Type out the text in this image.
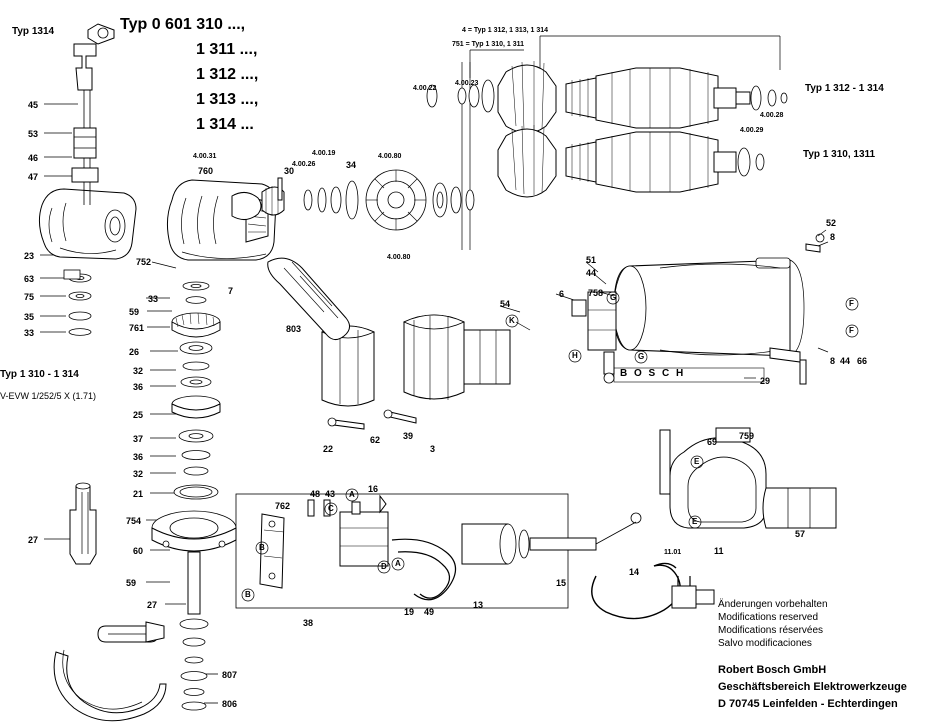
Typ 0 601 310 ...,
1 311 ...,
1 312 ...,
1 313 ...,
1 314 ...
Typ 1314
Typ 1 312 - 1 314
Typ 1 310, 1311
Typ 1 310 - 1 314
V-EVW 1/252/5 X (1.71)
4 = Typ 1 312, 1 313, 1 314
751 = Typ 1 310, 1 311
B O S C H
45
53
46
47
23
63
75
35
33
752
33
59
761
26
32
36
25
37
36
32
21
754
60
59
27
27
807
806
4.00.31
760	30
4.00.26
4.00.19
34
4.00.80
4.00.80
4.00.22
4.00.23
4.00.28
4.00.29
52
8
51
44
758
6
54
29
8 44 66
22
62	39
3
803
762
48 43	16
38
19 49
13
15
14
11.01	11
69
759
57
7
A
A
B
B
C
D
E
E
F
F
G
G
H
K
Änderungen vorbehalten
Modifications reserved
Modifications réservées
Salvo modificaciones
Robert Bosch GmbH
Geschäftsbereich Elektrowerkzeuge
D 70745 Leinfelden - Echterdingen
